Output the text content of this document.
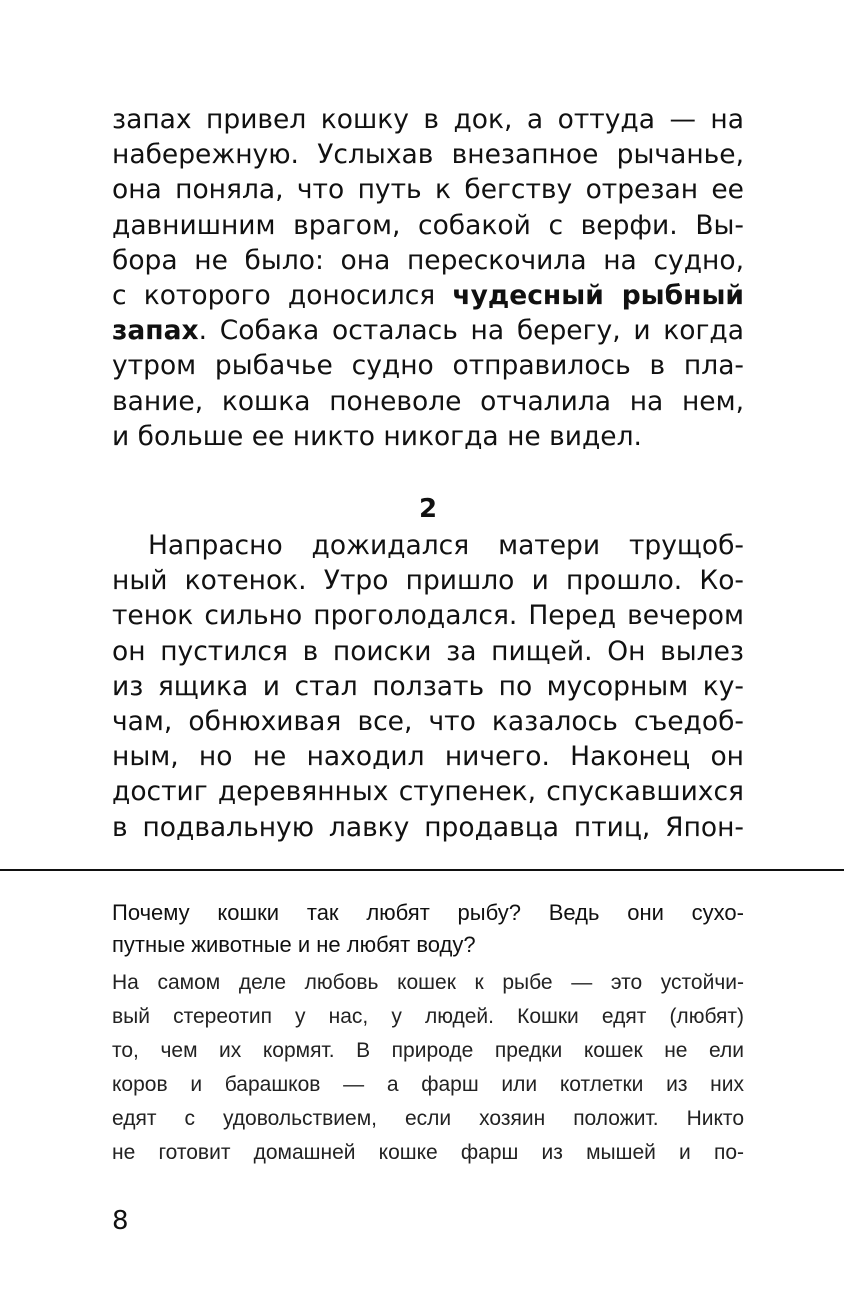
запах привел кошку в док, а оттуда — на
набережную. Услыхав внезапное рычанье,
она поняла, что путь к бегству отрезан ее
давнишним врагом, собакой с верфи. Вы-
бора не было: она перескочила на судно,
с которого доносился чудесный рыбный
запах. Собака осталась на берегу, и когда
утром рыбачье судно отправилось в пла-
вание, кошка поневоле отчалила на нем,
и больше ее никто никогда не видел.
2
Напрасно дожидался матери трущоб-
ный котенок. Утро пришло и прошло. Ко-
тенок сильно проголодался. Перед вечером
он пустился в поиски за пищей. Он вылез
из ящика и стал ползать по мусорным ку-
чам, обнюхивая все, что казалось съедоб-
ным, но не находил ничего. Наконец он
достиг деревянных ступенек, спускавшихся
в подвальную лавку продавца птиц, Япон-
Почему кошки так любят рыбу? Ведь они сухо-
путные животные и не любят воду?
На самом деле любовь кошек к рыбе — это устойчи-
вый стереотип у нас, у людей. Кошки едят (любят)
то, чем их кормят. В природе предки кошек не ели
коров и барашков — а фарш или котлетки из них
едят с удовольствием, если хозяин положит. Никто
не готовит домашней кошке фарш из мышей и по-
8
